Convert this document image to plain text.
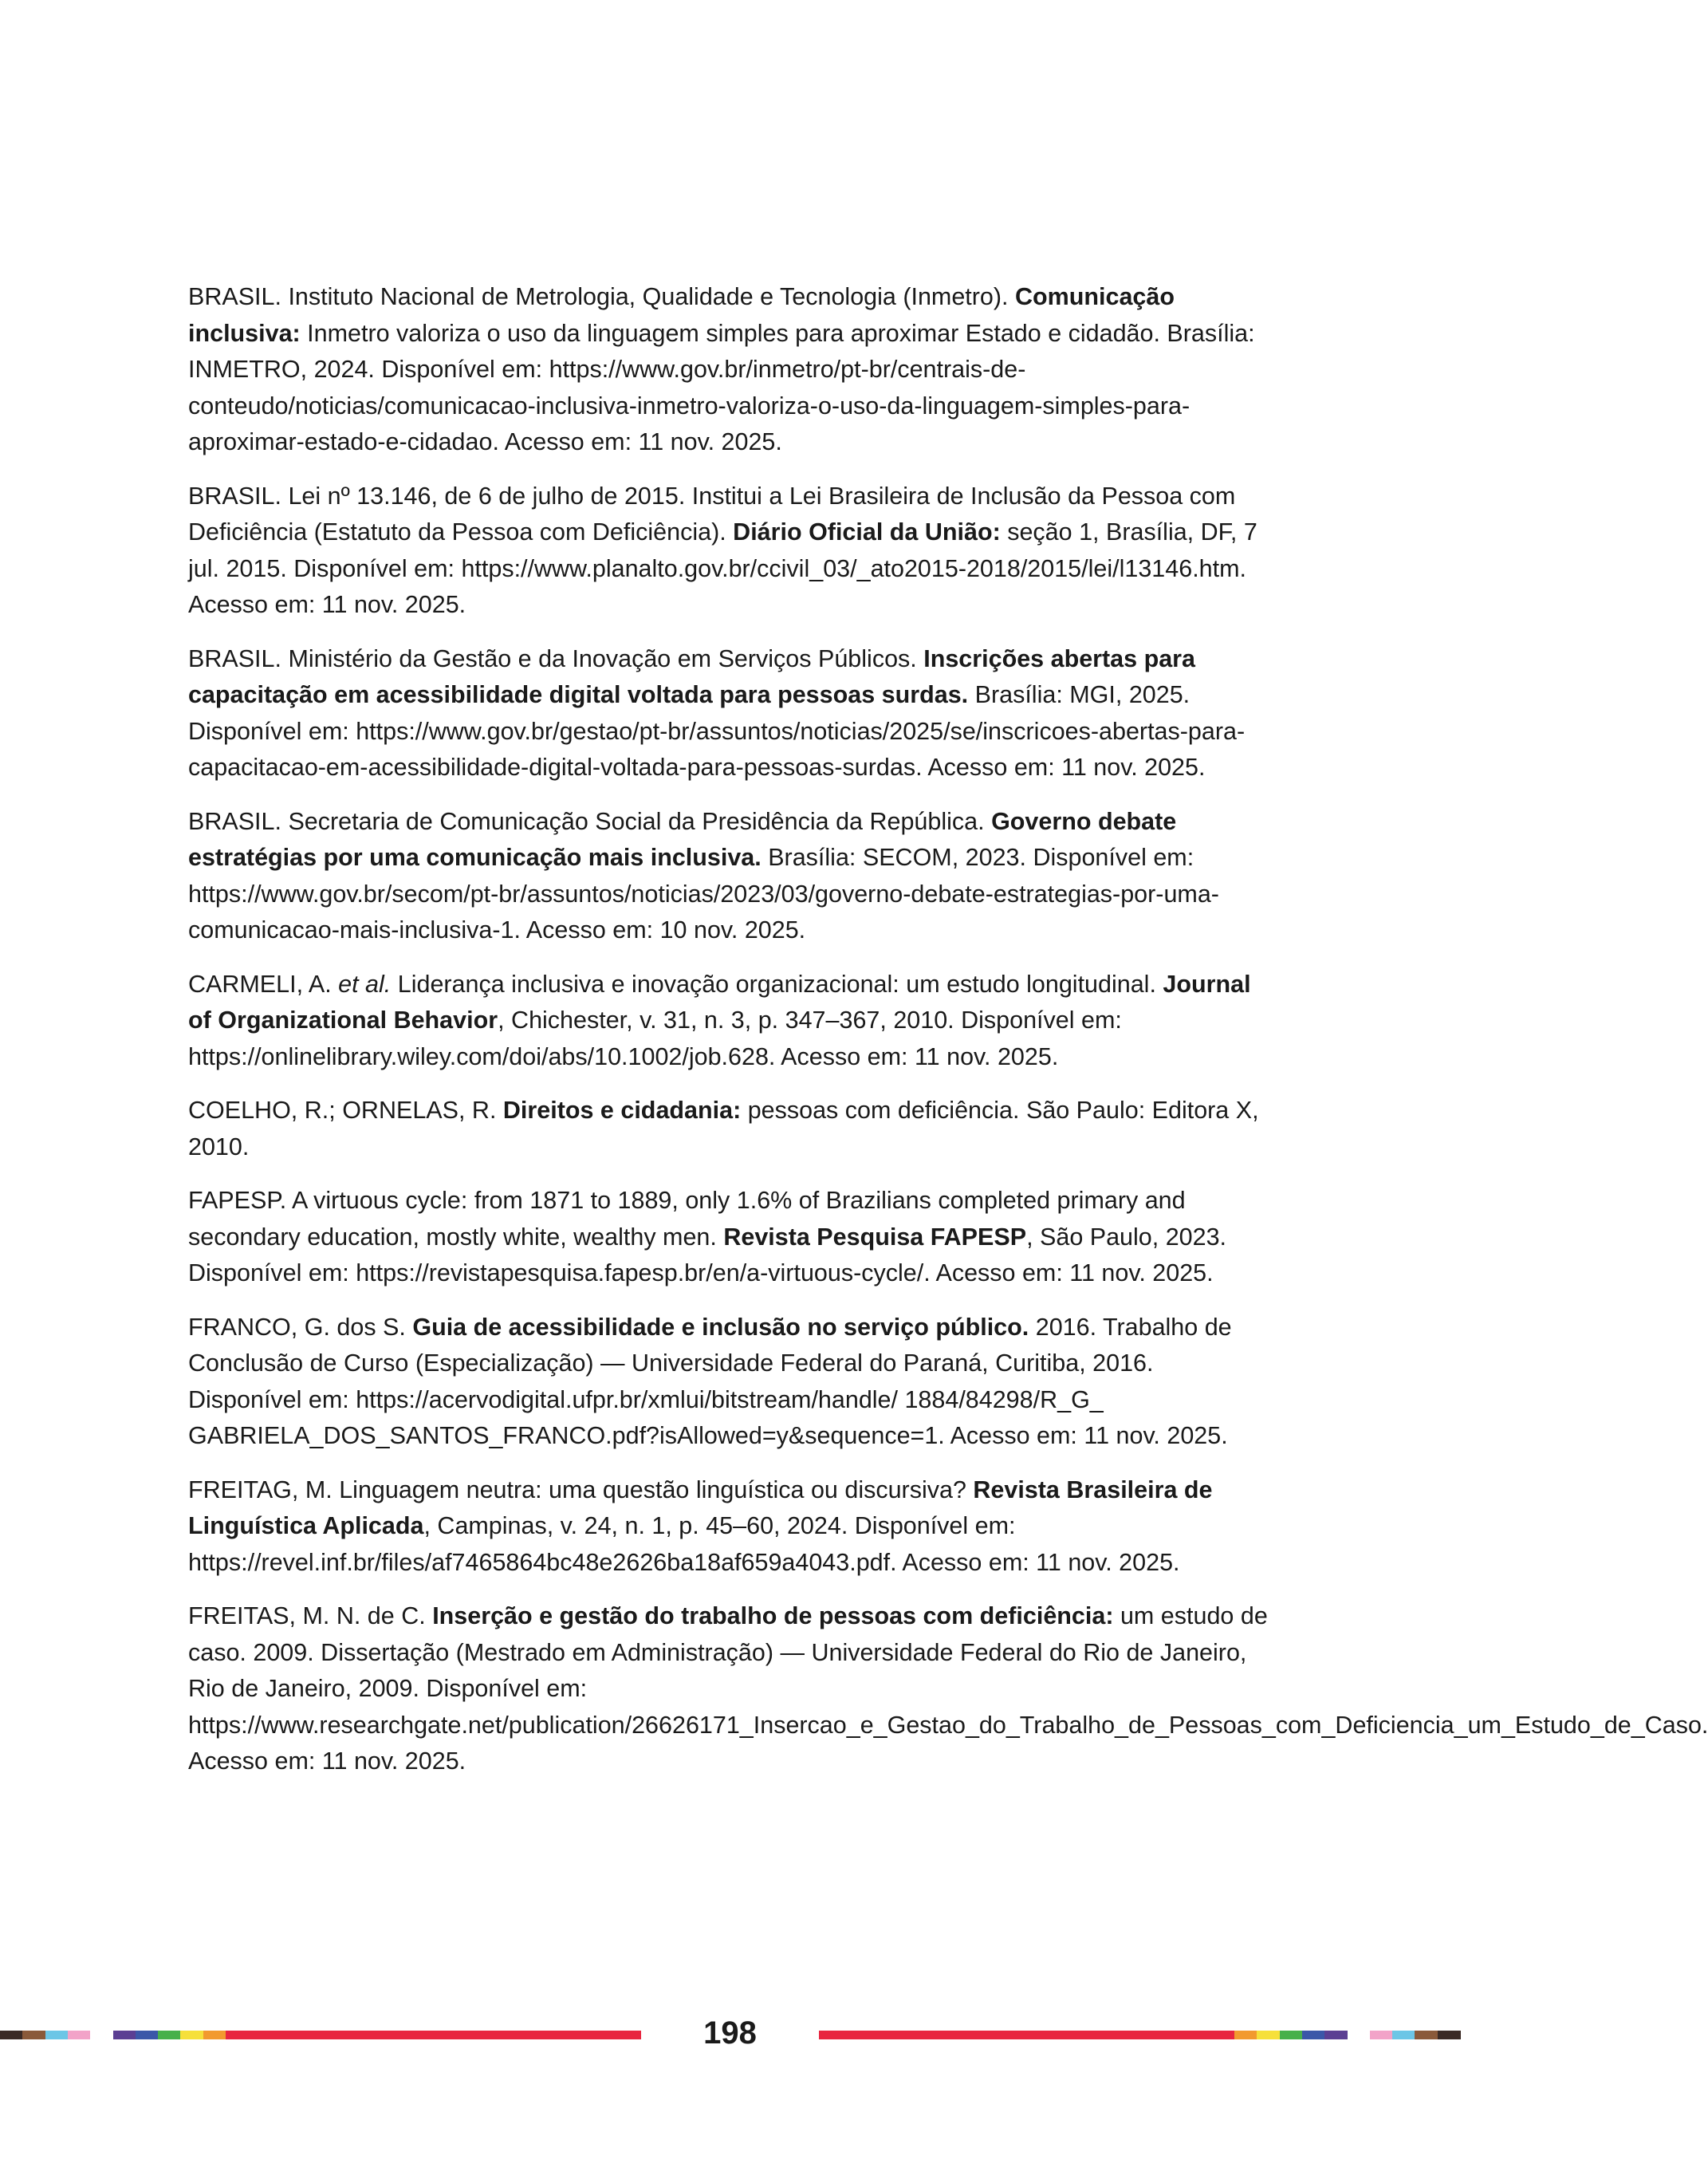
BRASIL. Instituto Nacional de Metrologia, Qualidade e Tecnologia (Inmetro). Comunicação inclusiva: Inmetro valoriza o uso da linguagem simples para aproximar Estado e cidadão. Brasília: INMETRO, 2024. Disponível em: https://www.gov.br/inmetro/pt-br/centrais-de-conteudo/noticias/comunicacao-inclusiva-inmetro-valoriza-o-uso-da-linguagem-simples-para-aproximar-estado-e-cidadao. Acesso em: 11 nov. 2025.

BRASIL. Lei nº 13.146, de 6 de julho de 2015. Institui a Lei Brasileira de Inclusão da Pessoa com Deficiência (Estatuto da Pessoa com Deficiência). Diário Oficial da União: seção 1, Brasília, DF, 7 jul. 2015. Disponível em: https://www.planalto.gov.br/ccivil_03/_ato2015-2018/2015/lei/l13146.htm. Acesso em: 11 nov. 2025.

BRASIL. Ministério da Gestão e da Inovação em Serviços Públicos. Inscrições abertas para capacitação em acessibilidade digital voltada para pessoas surdas. Brasília: MGI, 2025. Disponível em: https://www.gov.br/gestao/pt-br/assuntos/noticias/2025/se/inscricoes-abertas-para-capacitacao-em-acessibilidade-digital-voltada-para-pessoas-surdas. Acesso em: 11 nov. 2025.

BRASIL. Secretaria de Comunicação Social da Presidência da República. Governo debate estratégias por uma comunicação mais inclusiva. Brasília: SECOM, 2023. Disponível em: https://www.gov.br/secom/pt-br/assuntos/noticias/2023/03/governo-debate-estrategias-por-uma-comunicacao-mais-inclusiva-1. Acesso em: 10 nov. 2025.

CARMELI, A. et al. Liderança inclusiva e inovação organizacional: um estudo longitudinal. Journal of Organizational Behavior, Chichester, v. 31, n. 3, p. 347–367, 2010. Disponível em: https://onlinelibrary.wiley.com/doi/abs/10.1002/job.628. Acesso em: 11 nov. 2025.

COELHO, R.; ORNELAS, R. Direitos e cidadania: pessoas com deficiência. São Paulo: Editora X, 2010.

FAPESP. A virtuous cycle: from 1871 to 1889, only 1.6% of Brazilians completed primary and secondary education, mostly white, wealthy men. Revista Pesquisa FAPESP, São Paulo, 2023. Disponível em: https://revistapesquisa.fapesp.br/en/a-virtuous-cycle/. Acesso em: 11 nov. 2025.

FRANCO, G. dos S. Guia de acessibilidade e inclusão no serviço público. 2016. Trabalho de Conclusão de Curso (Especialização) — Universidade Federal do Paraná, Curitiba, 2016. Disponível em: https://acervodigital.ufpr.br/xmlui/bitstream/handle/ 1884/84298/R_G_ GABRIELA_DOS_SANTOS_FRANCO.pdf?isAllowed=y&sequence=1. Acesso em: 11 nov. 2025.

FREITAG, M. Linguagem neutra: uma questão linguística ou discursiva? Revista Brasileira de Linguística Aplicada, Campinas, v. 24, n. 1, p. 45–60, 2024. Disponível em: https://revel.inf.br/files/af7465864bc48e2626ba18af659a4043.pdf. Acesso em: 11 nov. 2025.

FREITAS, M. N. de C. Inserção e gestão do trabalho de pessoas com deficiência: um estudo de caso. 2009. Dissertação (Mestrado em Administração) — Universidade Federal do Rio de Janeiro, Rio de Janeiro, 2009. Disponível em: https://www.researchgate.net/publication/26626171_Insercao_e_Gestao_do_Trabalho_de_Pessoas_com_Deficiencia_um_Estudo_de_Caso. Acesso em: 11 nov. 2025.

198
